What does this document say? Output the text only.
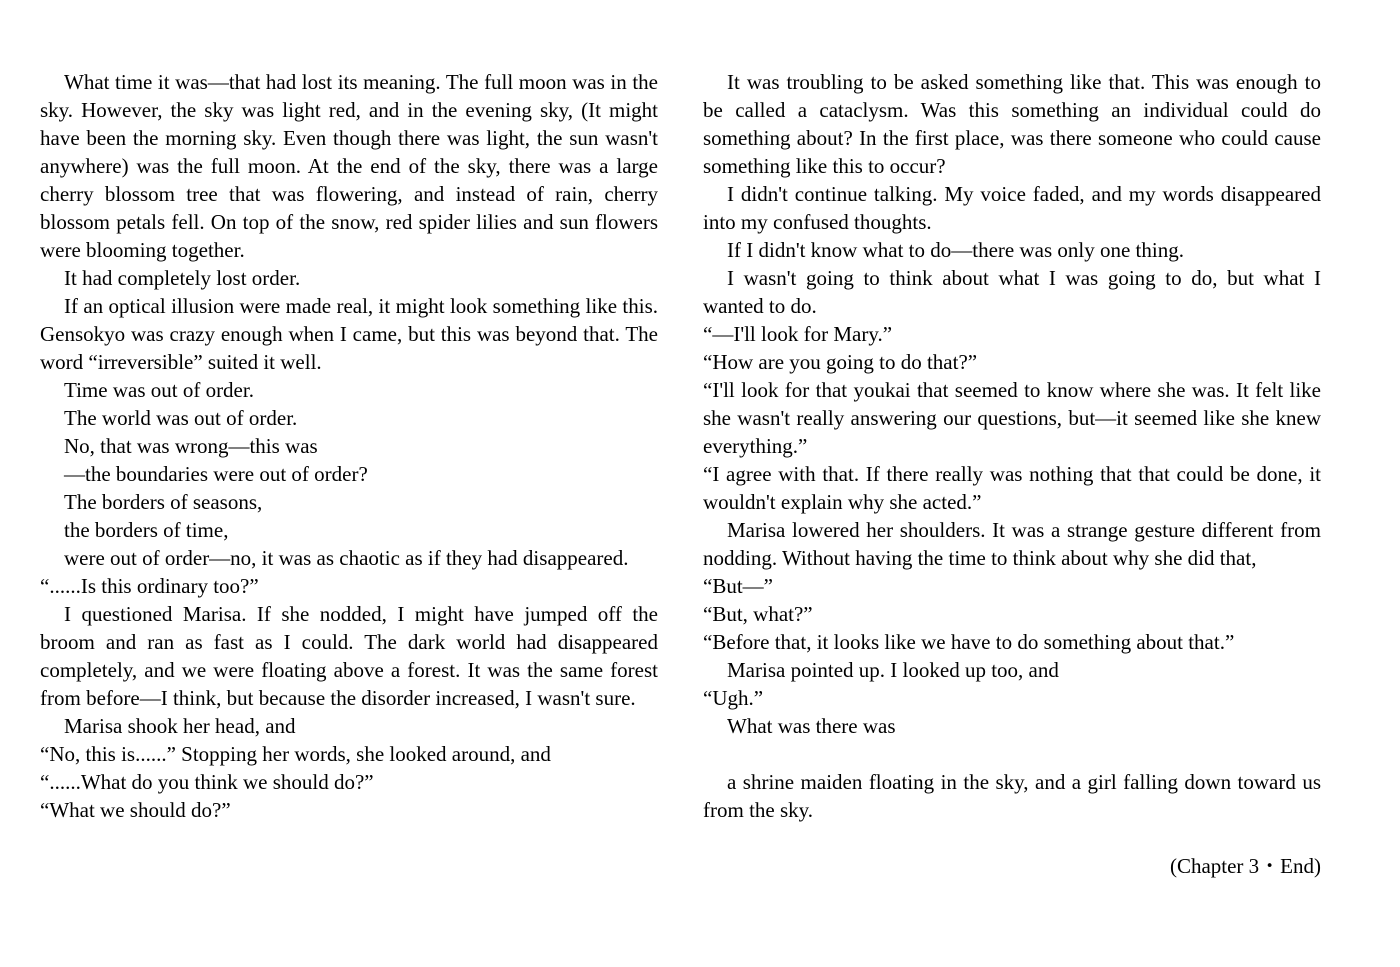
What time it was—that had lost its meaning. The full moon was in the sky. However, the sky was light red, and in the evening sky, (It might have been the morning sky. Even though there was light, the sun wasn't anywhere) was the full moon. At the end of the sky, there was a large cherry blossom tree that was flowering, and instead of rain, cherry blossom petals fell. On top of the snow, red spider lilies and sun flowers were blooming together.

It had completely lost order.

If an optical illusion were made real, it might look something like this. Gensokyo was crazy enough when I came, but this was beyond that. The word “irreversible” suited it well.

Time was out of order.

The world was out of order.

No, that was wrong—this was

—the boundaries were out of order?

The borders of seasons,

the borders of time,

were out of order—no, it was as chaotic as if they had disappeared.

“......Is this ordinary too?”

I questioned Marisa. If she nodded, I might have jumped off the broom and ran as fast as I could. The dark world had disappeared completely, and we were floating above a forest. It was the same forest from before—I think, but because the disorder increased, I wasn't sure.

Marisa shook her head, and

“No, this is......” Stopping her words, she looked around, and

“......What do you think we should do?”

“What we should do?”

It was troubling to be asked something like that. This was enough to be called a cataclysm. Was this something an individual could do something about? In the first place, was there someone who could cause something like this to occur?

I didn't continue talking. My voice faded, and my words disappeared into my confused thoughts.

If I didn't know what to do—there was only one thing.

I wasn't going to think about what I was going to do, but what I wanted to do.

“—I'll look for Mary.”

“How are you going to do that?”

“I'll look for that youkai that seemed to know where she was. It felt like she wasn't really answering our questions, but—it seemed like she knew everything.”

“I agree with that. If there really was nothing that that could be done, it wouldn't explain why she acted.”

Marisa lowered her shoulders. It was a strange gesture different from nodding. Without having the time to think about why she did that,

“But—”

“But, what?”

“Before that, it looks like we have to do something about that.”

Marisa pointed up. I looked up too, and

“Ugh.”

What was there was

a shrine maiden floating in the sky, and a girl falling down toward us from the sky.

(Chapter 3・End)
